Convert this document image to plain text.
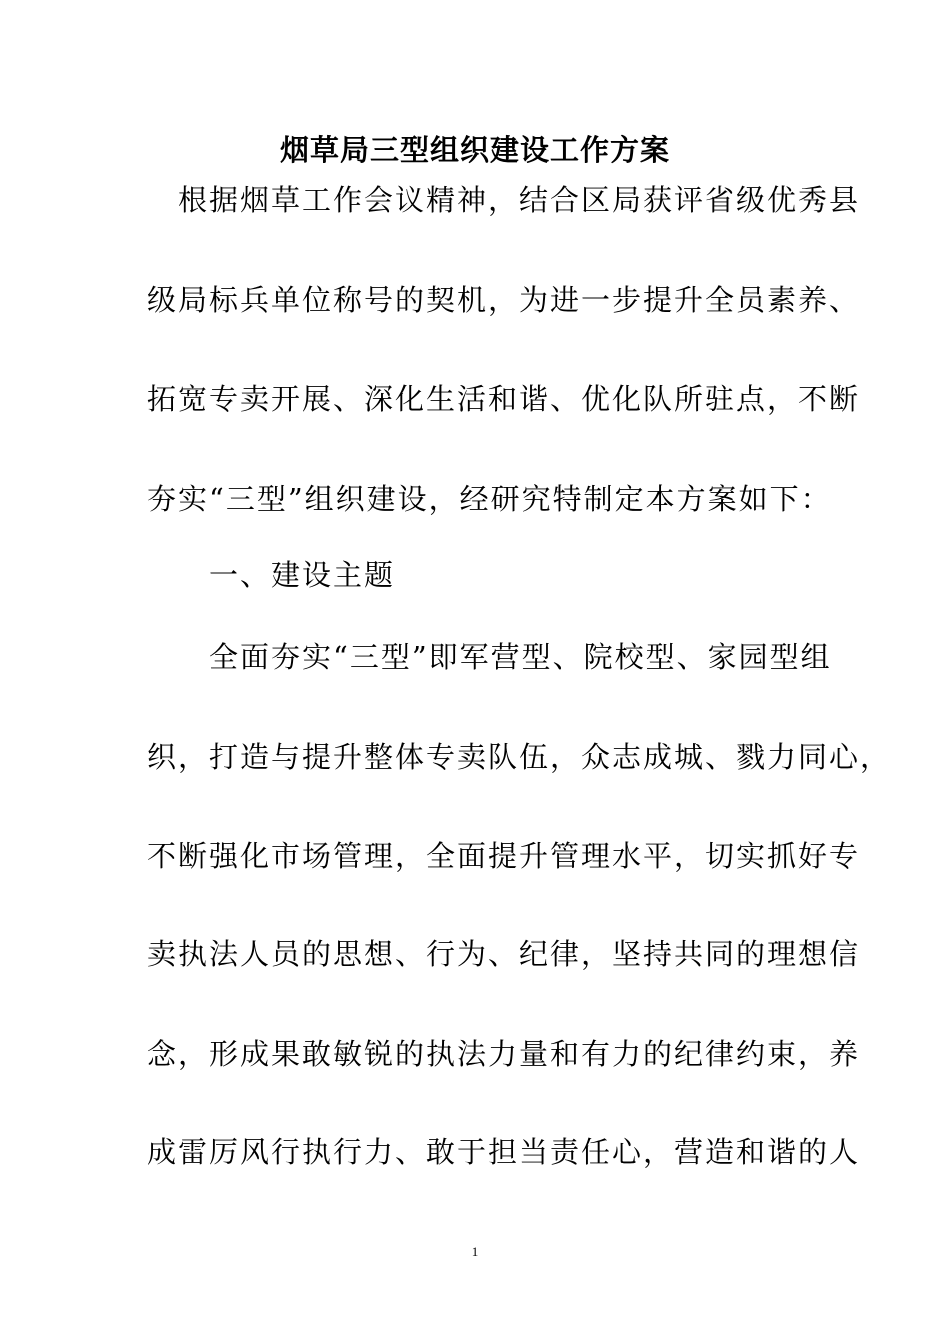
烟草局三型组织建设工作方案
　根据烟草工作会议精神，结合区局获评省级优秀县
级局标兵单位称号的契机，为进一步提升全员素养、
拓宽专卖开展、深化生活和谐、优化队所驻点，不断
夯实“三型”组织建设，经研究特制定本方案如下：
　　一、建设主题
　　全面夯实“三型”即军营型、院校型、家园型组
织，打造与提升整体专卖队伍，众志成城、戮力同心，
不断强化市场管理，全面提升管理水平，切实抓好专
卖执法人员的思想、行为、纪律，坚持共同的理想信
念，形成果敢敏锐的执法力量和有力的纪律约束，养
成雷厉风行执行力、敢于担当责任心，营造和谐的人
1
